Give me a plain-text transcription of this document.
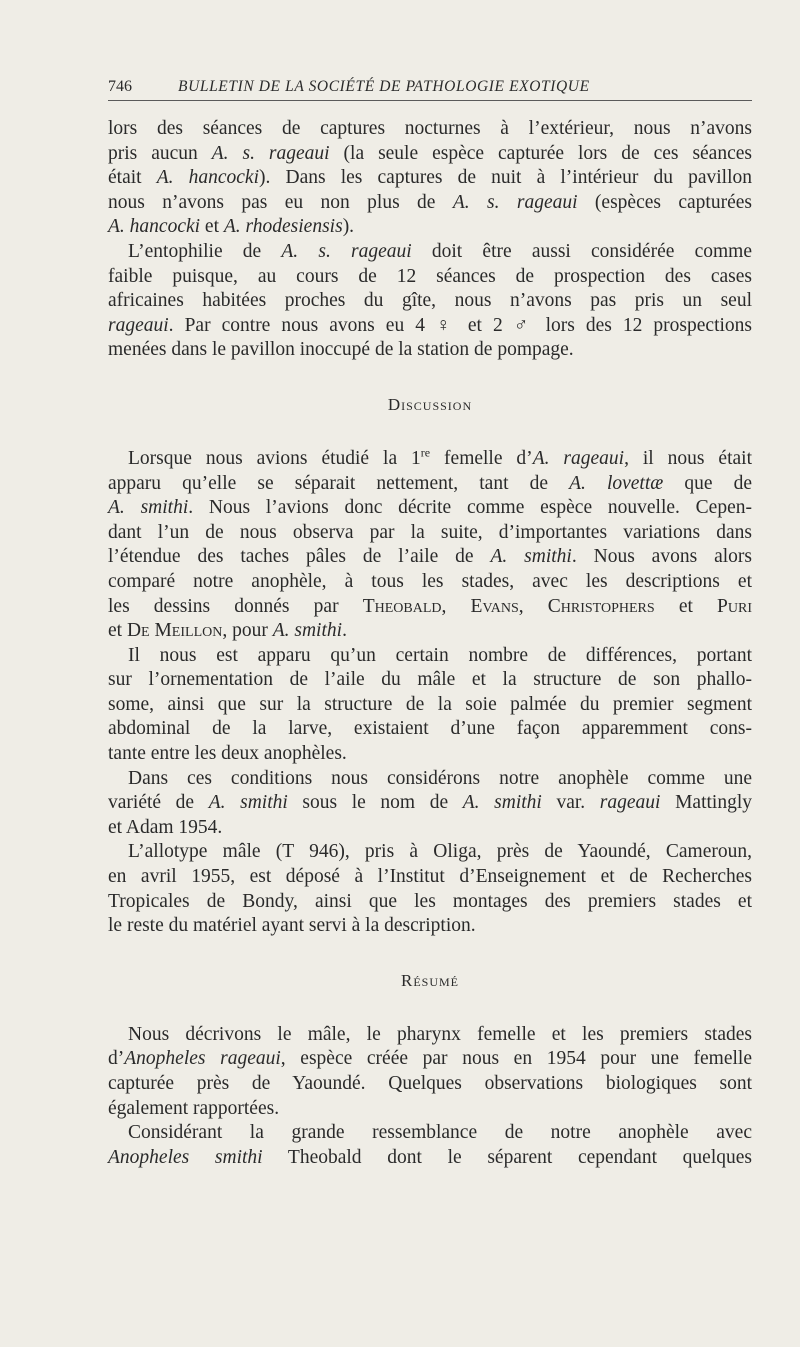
746	BULLETIN DE LA SOCIÉTÉ DE PATHOLOGIE EXOTIQUE

lors des séances de captures nocturnes à l’extérieur, nous n’avons
pris aucun A. s. rageaui (la seule espèce capturée lors de ces séances
était A. hancocki). Dans les captures de nuit à l’intérieur du pavillon
nous n’avons pas eu non plus de A. s. rageaui (espèces capturées
A. hancocki et A. rhodesiensis).

L’entophilie de A. s. rageaui doit être aussi considérée comme
faible puisque, au cours de 12 séances de prospection des cases
africaines habitées proches du gîte, nous n’avons pas pris un seul
rageaui. Par contre nous avons eu 4 ♀ et 2 ♂ lors des 12 prospections
menées dans le pavillon inoccupé de la station de pompage.

Discussion

Lorsque nous avions étudié la 1re femelle d’A. rageaui, il nous était
apparu qu’elle se séparait nettement, tant de A. lovettæ que de
A. smithi. Nous l’avions donc décrite comme espèce nouvelle. Cepen-
dant l’un de nous observa par la suite, d’importantes variations dans
l’étendue des taches pâles de l’aile de A. smithi. Nous avons alors
comparé notre anophèle, à tous les stades, avec les descriptions et
les dessins donnés par Theobald, Evans, Christophers et Puri
et De Meillon, pour A. smithi.

Il nous est apparu qu’un certain nombre de différences, portant
sur l’ornementation de l’aile du mâle et la structure de son phallo-
some, ainsi que sur la structure de la soie palmée du premier segment
abdominal de la larve, existaient d’une façon apparemment cons-
tante entre les deux anophèles.

Dans ces conditions nous considérons notre anophèle comme une
variété de A. smithi sous le nom de A. smithi var. rageaui Mattingly
et Adam 1954.

L’allotype mâle (T 946), pris à Oliga, près de Yaoundé, Cameroun,
en avril 1955, est déposé à l’Institut d’Enseignement et de Recherches
Tropicales de Bondy, ainsi que les montages des premiers stades et
le reste du matériel ayant servi à la description.

Résumé

Nous décrivons le mâle, le pharynx femelle et les premiers stades
d’Anopheles rageaui, espèce créée par nous en 1954 pour une femelle
capturée près de Yaoundé. Quelques observations biologiques sont
également rapportées.

Considérant la grande ressemblance de notre anophèle avec
Anopheles smithi Theobald dont le séparent cependant quelques
